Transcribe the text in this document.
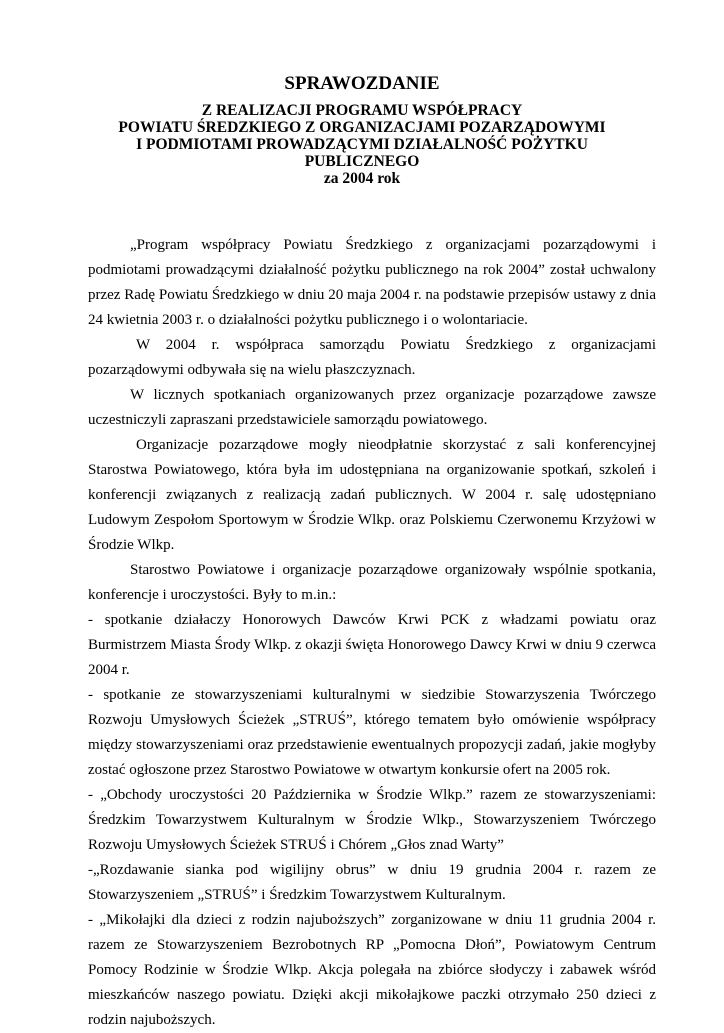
SPRAWOZDANIE
Z REALIZACJI PROGRAMU WSPÓŁPRACY
POWIATU ŚREDZKIEGO Z ORGANIZACJAMI POZARZĄDOWYMI
I PODMIOTAMI PROWADZĄCYMI DZIAŁALNOŚĆ POŻYTKU
PUBLICZNEGO
za 2004 rok

„Program współpracy Powiatu Średzkiego z organizacjami pozarządowymi i podmiotami prowadzącymi działalność pożytku publicznego na rok 2004” został uchwalony przez Radę Powiatu Średzkiego w dniu 20 maja 2004 r. na podstawie przepisów ustawy z dnia 24 kwietnia 2003 r. o działalności pożytku publicznego i o wolontariacie.

W 2004 r. współpraca samorządu Powiatu Średzkiego z organizacjami pozarządowymi odbywała się na wielu płaszczyznach.

W licznych spotkaniach organizowanych przez organizacje pozarządowe zawsze uczestniczyli zapraszani przedstawiciele samorządu powiatowego.

Organizacje pozarządowe mogły nieodpłatnie skorzystać z sali konferencyjnej Starostwa Powiatowego, która była im udostępniana na organizowanie spotkań, szkoleń i konferencji związanych z realizacją zadań publicznych. W 2004 r. salę udostępniano Ludowym Zespołom Sportowym w Środzie Wlkp. oraz Polskiemu Czerwonemu Krzyżowi w Środzie Wlkp.

Starostwo Powiatowe i organizacje pozarządowe organizowały wspólnie spotkania, konferencje i uroczystości. Były to m.in.:

- spotkanie działaczy Honorowych Dawców Krwi PCK z władzami powiatu oraz Burmistrzem Miasta Środy Wlkp. z okazji święta Honorowego Dawcy Krwi w dniu 9 czerwca 2004 r.

- spotkanie ze stowarzyszeniami kulturalnymi w siedzibie Stowarzyszenia Twórczego Rozwoju Umysłowych Ścieżek „STRUŚ”, którego tematem było omówienie współpracy między stowarzyszeniami oraz przedstawienie ewentualnych propozycji zadań, jakie mogłyby zostać ogłoszone przez Starostwo Powiatowe w otwartym konkursie ofert na 2005 rok.

- „Obchody uroczystości 20 Października w Środzie Wlkp.” razem ze stowarzyszeniami: Średzkim Towarzystwem Kulturalnym w Środzie Wlkp., Stowarzyszeniem Twórczego Rozwoju Umysłowych Ścieżek STRUŚ i Chórem „Głos znad Warty”

-„Rozdawanie sianka pod wigilijny obrus” w dniu 19 grudnia 2004 r. razem ze Stowarzyszeniem „STRUŚ” i Średzkim Towarzystwem Kulturalnym.

- „Mikołajki dla dzieci z rodzin najuboższych” zorganizowane w dniu 11 grudnia 2004 r. razem ze Stowarzyszeniem Bezrobotnych RP „Pomocna Dłoń”, Powiatowym Centrum Pomocy Rodzinie w Środzie Wlkp. Akcja polegała na zbiórce słodyczy i zabawek wśród mieszkańców naszego powiatu. Dzięki akcji mikołajkowe paczki otrzymało 250 dzieci z rodzin najuboższych.
